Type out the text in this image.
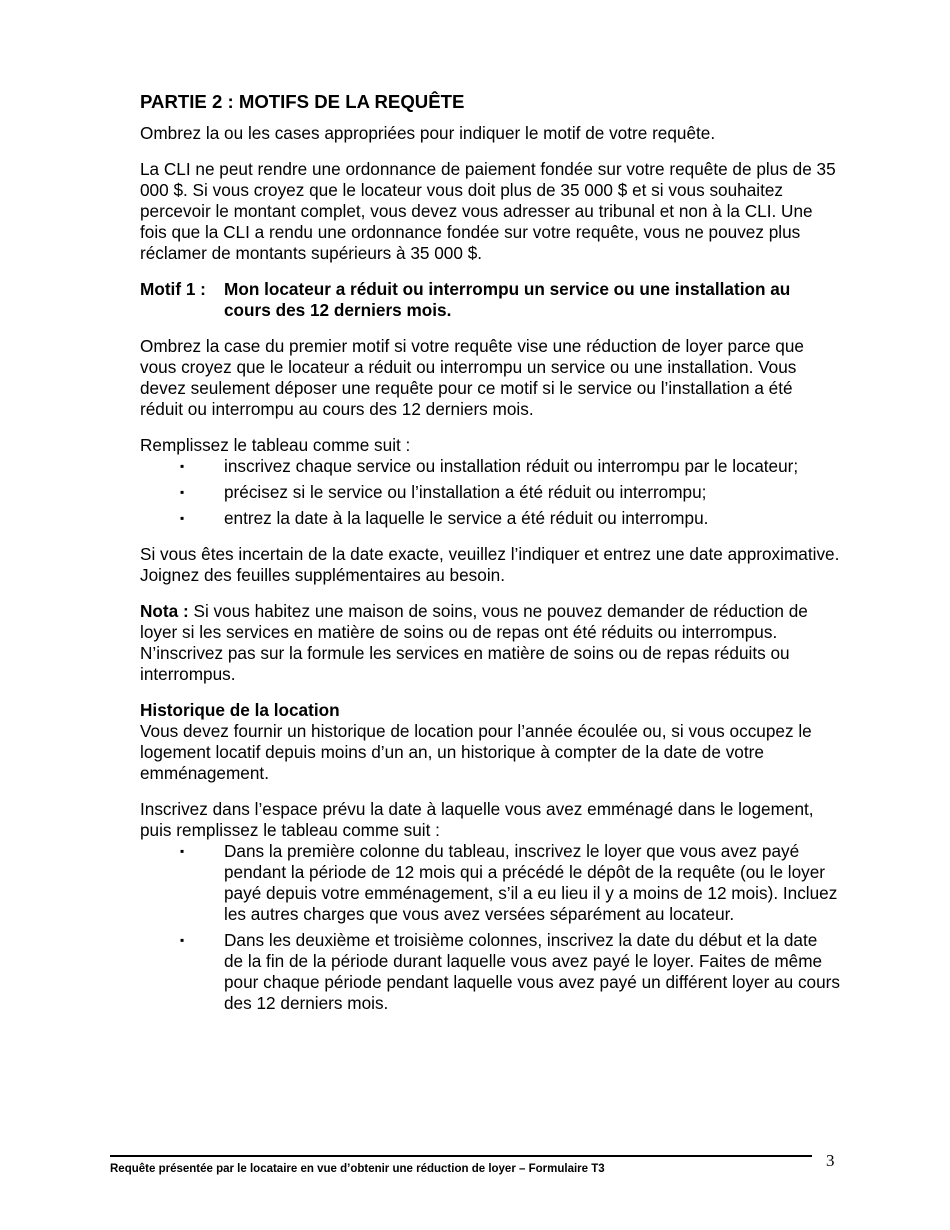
PARTIE 2 : MOTIFS DE LA REQUÊTE

Ombrez la ou les cases appropriées pour indiquer le motif de votre requête.

La CLI ne peut rendre une ordonnance de paiement fondée sur votre requête de plus de 35 000 $. Si vous croyez que le locateur vous doit plus de 35 000 $ et si vous souhaitez percevoir le montant complet, vous devez vous adresser au tribunal et non à la CLI. Une fois que la CLI a rendu une ordonnance fondée sur votre requête, vous ne pouvez plus réclamer de montants supérieurs à 35 000 $.

Motif 1 :	Mon locateur a réduit ou interrompu un service ou une installation au cours des 12 derniers mois.

Ombrez la case du premier motif si votre requête vise une réduction de loyer parce que vous croyez que le locateur a réduit ou interrompu un service ou une installation. Vous devez seulement déposer une requête pour ce motif si le service ou l’installation a été réduit ou interrompu au cours des 12 derniers mois.

Remplissez le tableau comme suit :

▪ inscrivez chaque service ou installation réduit ou interrompu par le locateur;
▪ précisez si le service ou l’installation a été réduit ou interrompu;
▪ entrez la date à la laquelle le service a été réduit ou interrompu.

Si vous êtes incertain de la date exacte, veuillez l’indiquer et entrez une date approximative. Joignez des feuilles supplémentaires au besoin.

Nota : Si vous habitez une maison de soins, vous ne pouvez demander de réduction de loyer si les services en matière de soins ou de repas ont été réduits ou interrompus. N’inscrivez pas sur la formule les services en matière de soins ou de repas réduits ou interrompus.

Historique de la location

Vous devez fournir un historique de location pour l’année écoulée ou, si vous occupez le logement locatif depuis moins d’un an, un historique à compter de la date de votre emménagement.

Inscrivez dans l’espace prévu la date à laquelle vous avez emménagé dans le logement, puis remplissez le tableau comme suit :

▪ Dans la première colonne du tableau, inscrivez le loyer que vous avez payé pendant la période de 12 mois qui a précédé le dépôt de la requête (ou le loyer payé depuis votre emménagement, s’il a eu lieu il y a moins de 12 mois). Incluez les autres charges que vous avez versées séparément au locateur.
▪ Dans les deuxième et troisième colonnes, inscrivez la date du début et la date de la fin de la période durant laquelle vous avez payé le loyer. Faites de même pour chaque période pendant laquelle vous avez payé un différent loyer au cours des 12 derniers mois.
Requête présentée par le locataire en vue d’obtenir une réduction de loyer – Formulaire T3	3
